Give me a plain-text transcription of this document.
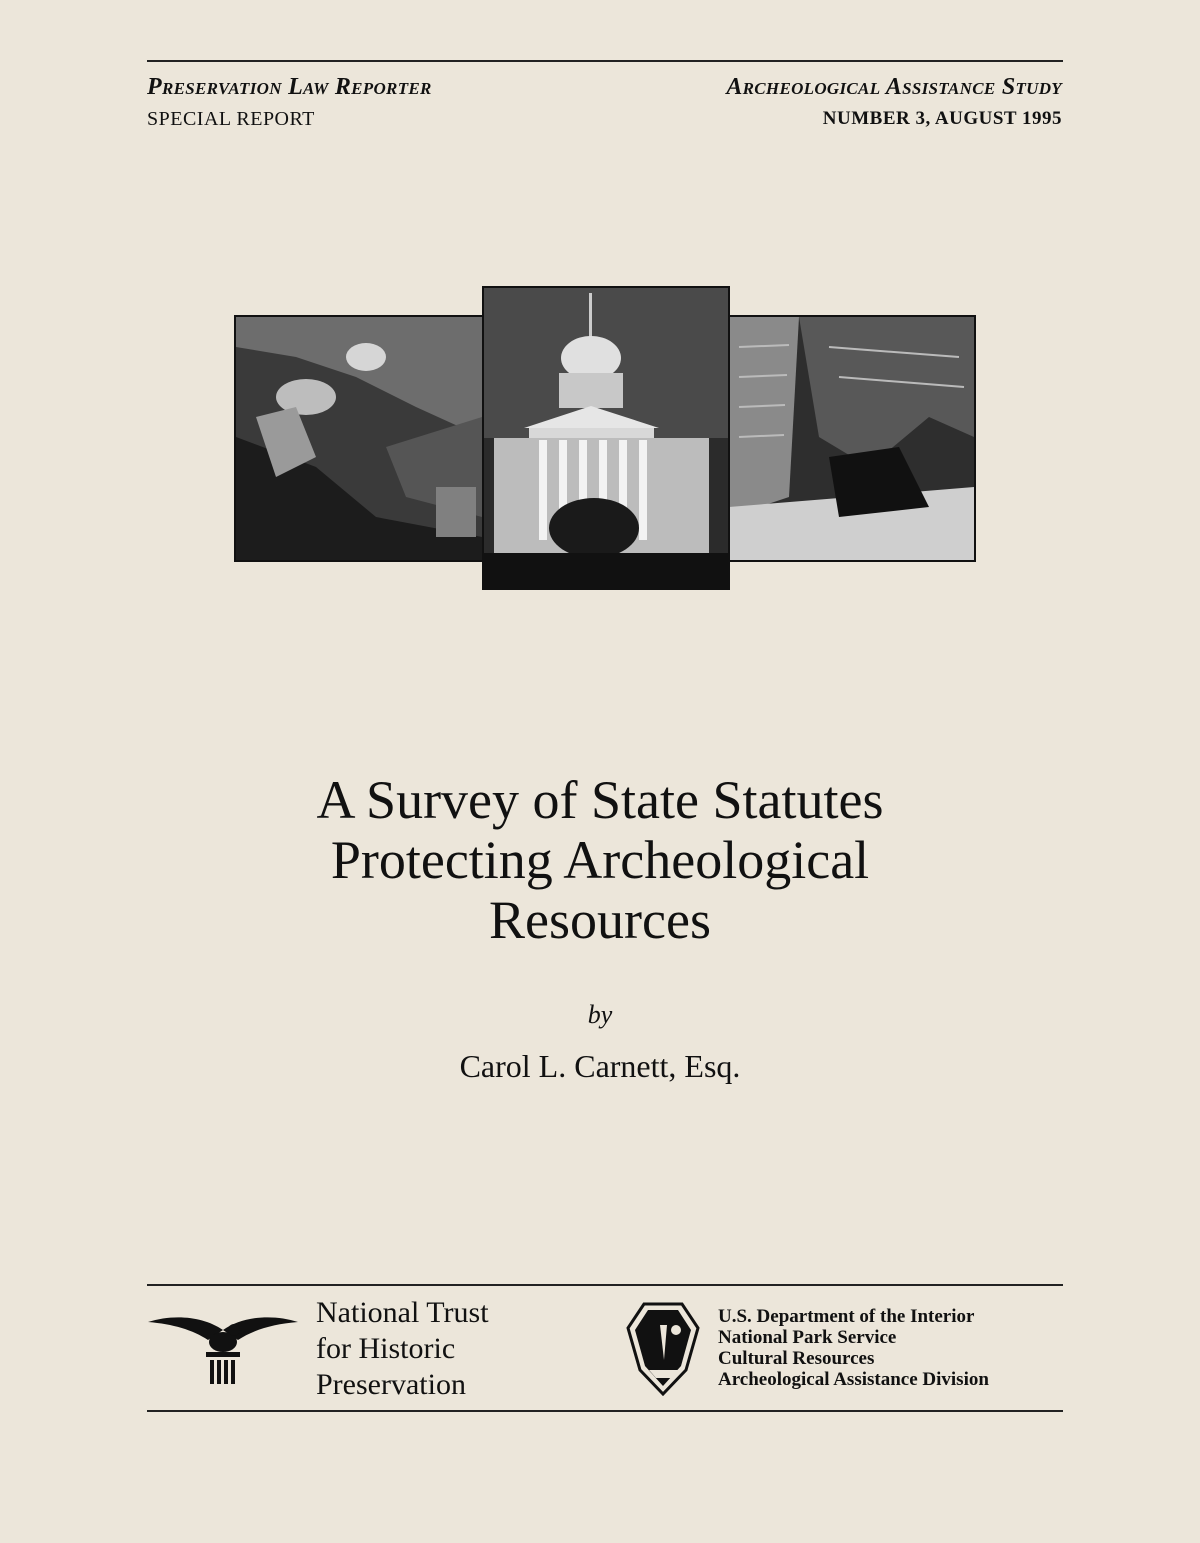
Preservation Law Reporter
SPECIAL REPORT
Archeological Assistance Study
NUMBER 3, AUGUST 1995
A Survey of State Statutes
Protecting Archeological
Resources
by
Carol L. Carnett, Esq.
National Trust
for Historic
Preservation
U.S. Department of the Interior
National Park Service
Cultural Resources
Archeological Assistance Division
